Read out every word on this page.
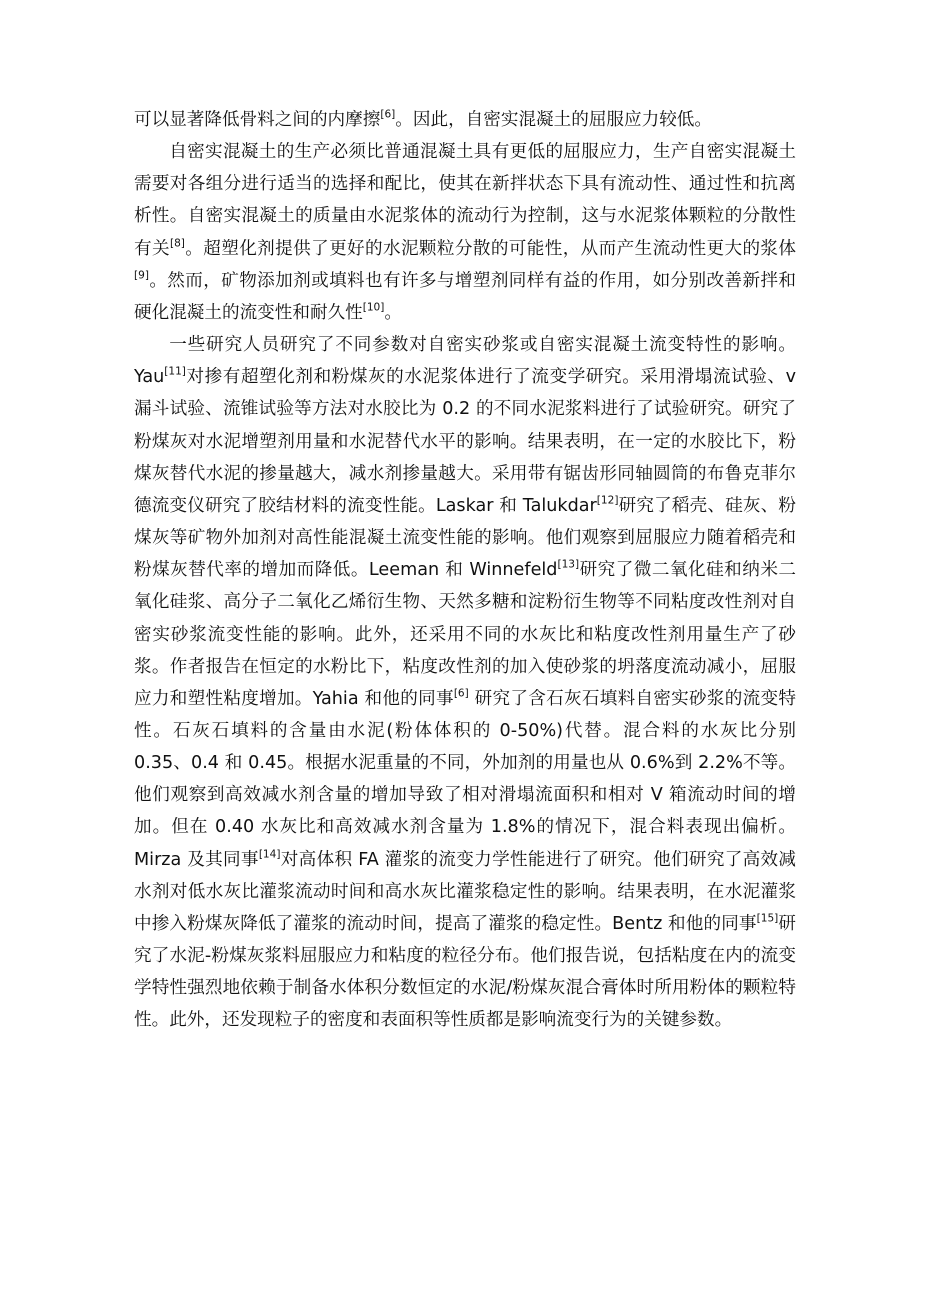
可以显著降低骨料之间的内摩擦[6]。因此，自密实混凝土的屈服应力较低。

自密实混凝土的生产必须比普通混凝土具有更低的屈服应力，生产自密实混凝土需要对各组分进行适当的选择和配比，使其在新拌状态下具有流动性、通过性和抗离析性。自密实混凝土的质量由水泥浆体的流动行为控制，这与水泥浆体颗粒的分散性有关[8]。超塑化剂提供了更好的水泥颗粒分散的可能性，从而产生流动性更大的浆体[9]。然而，矿物添加剂或填料也有许多与增塑剂同样有益的作用，如分别改善新拌和硬化混凝土的流变性和耐久性[10]。

一些研究人员研究了不同参数对自密实砂浆或自密实混凝土流变特性的影响。Yau[11]对掺有超塑化剂和粉煤灰的水泥浆体进行了流变学研究。采用滑塌流试验、v 漏斗试验、流锥试验等方法对水胶比为 0.2 的不同水泥浆料进行了试验研究。研究了粉煤灰对水泥增塑剂用量和水泥替代水平的影响。结果表明，在一定的水胶比下，粉煤灰替代水泥的掺量越大，减水剂掺量越大。采用带有锯齿形同轴圆筒的布鲁克菲尔德流变仪研究了胶结材料的流变性能。Laskar 和 Talukdar[12]研究了稻壳、硅灰、粉煤灰等矿物外加剂对高性能混凝土流变性能的影响。他们观察到屈服应力随着稻壳和粉煤灰替代率的增加而降低。Leeman 和 Winnefeld[13]研究了微二氧化硅和纳米二氧化硅浆、高分子二氧化乙烯衍生物、天然多糖和淀粉衍生物等不同粘度改性剂对自密实砂浆流变性能的影响。此外，还采用不同的水灰比和粘度改性剂用量生产了砂浆。作者报告在恒定的水粉比下，粘度改性剂的加入使砂浆的坍落度流动减小，屈服应力和塑性粘度增加。Yahia 和他的同事[6] 研究了含石灰石填料自密实砂浆的流变特性。石灰石填料的含量由水泥(粉体体积的 0-50%)代替。混合料的水灰比分别 0.35、0.4 和 0.45。根据水泥重量的不同，外加剂的用量也从 0.6%到 2.2%不等。他们观察到高效减水剂含量的增加导致了相对滑塌流面积和相对 V 箱流动时间的增加。但在 0.40 水灰比和高效减水剂含量为 1.8%的情况下，混合料表现出偏析。Mirza 及其同事[14]对高体积 FA 灌浆的流变力学性能进行了研究。他们研究了高效减水剂对低水灰比灌浆流动时间和高水灰比灌浆稳定性的影响。结果表明，在水泥灌浆中掺入粉煤灰降低了灌浆的流动时间，提高了灌浆的稳定性。Bentz 和他的同事[15]研究了水泥-粉煤灰浆料屈服应力和粘度的粒径分布。他们报告说，包括粘度在内的流变学特性强烈地依赖于制备水体积分数恒定的水泥/粉煤灰混合膏体时所用粉体的颗粒特性。此外，还发现粒子的密度和表面积等性质都是影响流变行为的关键参数。
